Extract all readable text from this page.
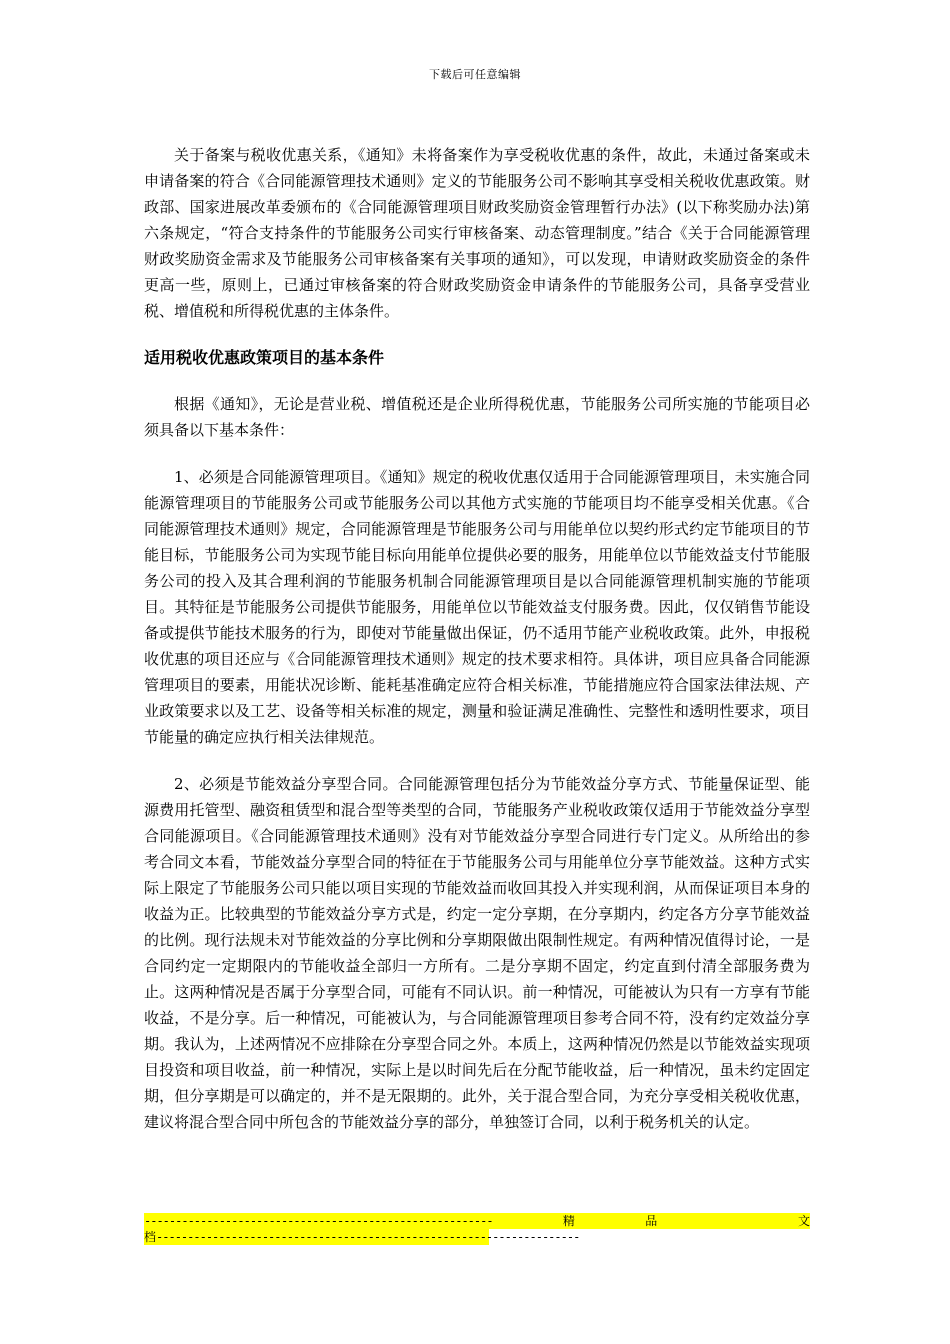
下载后可任意编辑

关于备案与税收优惠关系，《通知》未将备案作为享受税收优惠的条件，故此，未通过备案或未申请备案的符合《合同能源管理技术通则》定义的节能服务公司不影响其享受相关税收优惠政策。财政部、国家进展改革委颁布的《合同能源管理项目财政奖励资金管理暂行办法》(以下称奖励办法)第六条规定，“符合支持条件的节能服务公司实行审核备案、动态管理制度。”结合《关于合同能源管理财政奖励资金需求及节能服务公司审核备案有关事项的通知》，可以发现，申请财政奖励资金的条件更高一些，原则上，已通过审核备案的符合财政奖励资金申请条件的节能服务公司，具备享受营业税、增值税和所得税优惠的主体条件。

适用税收优惠政策项目的基本条件

根据《通知》，无论是营业税、增值税还是企业所得税优惠，节能服务公司所实施的节能项目必须具备以下基本条件：

1、必须是合同能源管理项目。《通知》规定的税收优惠仅适用于合同能源管理项目，未实施合同能源管理项目的节能服务公司或节能服务公司以其他方式实施的节能项目均不能享受相关优惠。《合同能源管理技术通则》规定，合同能源管理是节能服务公司与用能单位以契约形式约定节能项目的节能目标，节能服务公司为实现节能目标向用能单位提供必要的服务，用能单位以节能效益支付节能服务公司的投入及其合理利润的节能服务机制合同能源管理项目是以合同能源管理机制实施的节能项目。其特征是节能服务公司提供节能服务，用能单位以节能效益支付服务费。因此，仅仅销售节能设备或提供节能技术服务的行为，即使对节能量做出保证，仍不适用节能产业税收政策。此外，申报税收优惠的项目还应与《合同能源管理技术通则》规定的技术要求相符。具体讲，项目应具备合同能源管理项目的要素，用能状况诊断、能耗基准确定应符合相关标准，节能措施应符合国家法律法规、产业政策要求以及工艺、设备等相关标准的规定，测量和验证满足准确性、完整性和透明性要求，项目节能量的确定应执行相关法律规范。

2、必须是节能效益分享型合同。合同能源管理包括分为节能效益分享方式、节能量保证型、能源费用托管型、融资租赁型和混合型等类型的合同，节能服务产业税收政策仅适用于节能效益分享型合同能源项目。《合同能源管理技术通则》没有对节能效益分享型合同进行专门定义。从所给出的参考合同文本看，节能效益分享型合同的特征在于节能服务公司与用能单位分享节能效益。这种方式实际上限定了节能服务公司只能以项目实现的节能效益而收回其投入并实现利润，从而保证项目本身的收益为正。比较典型的节能效益分享方式是，约定一定分享期，在分享期内，约定各方分享节能效益的比例。现行法规未对节能效益的分享比例和分享期限做出限制性规定。有两种情况值得讨论，一是合同约定一定期限内的节能收益全部归一方所有。二是分享期不固定，约定直到付清全部服务费为止。这两种情况是否属于分享型合同，可能有不同认识。前一种情况，可能被认为只有一方享有节能收益，不是分享。后一种情况，可能被认为，与合同能源管理项目参考合同不符，没有约定效益分享期。我认为，上述两情况不应排除在分享型合同之外。本质上，这两种情况仍然是以节能效益实现项目投资和项目收益，前一种情况，实际上是以时间先后在分配节能收益，后一种情况，虽未约定固定期，但分享期是可以确定的，并不是无限期的。此外，关于混合型合同，为充分享受相关税收优惠，建议将混合型合同中所包含的节能效益分享的部分，单独签订合同，以利于税务机关的认定。

--------------------------------------------------------	精	品	文
档--------------------------------------------------------------------
